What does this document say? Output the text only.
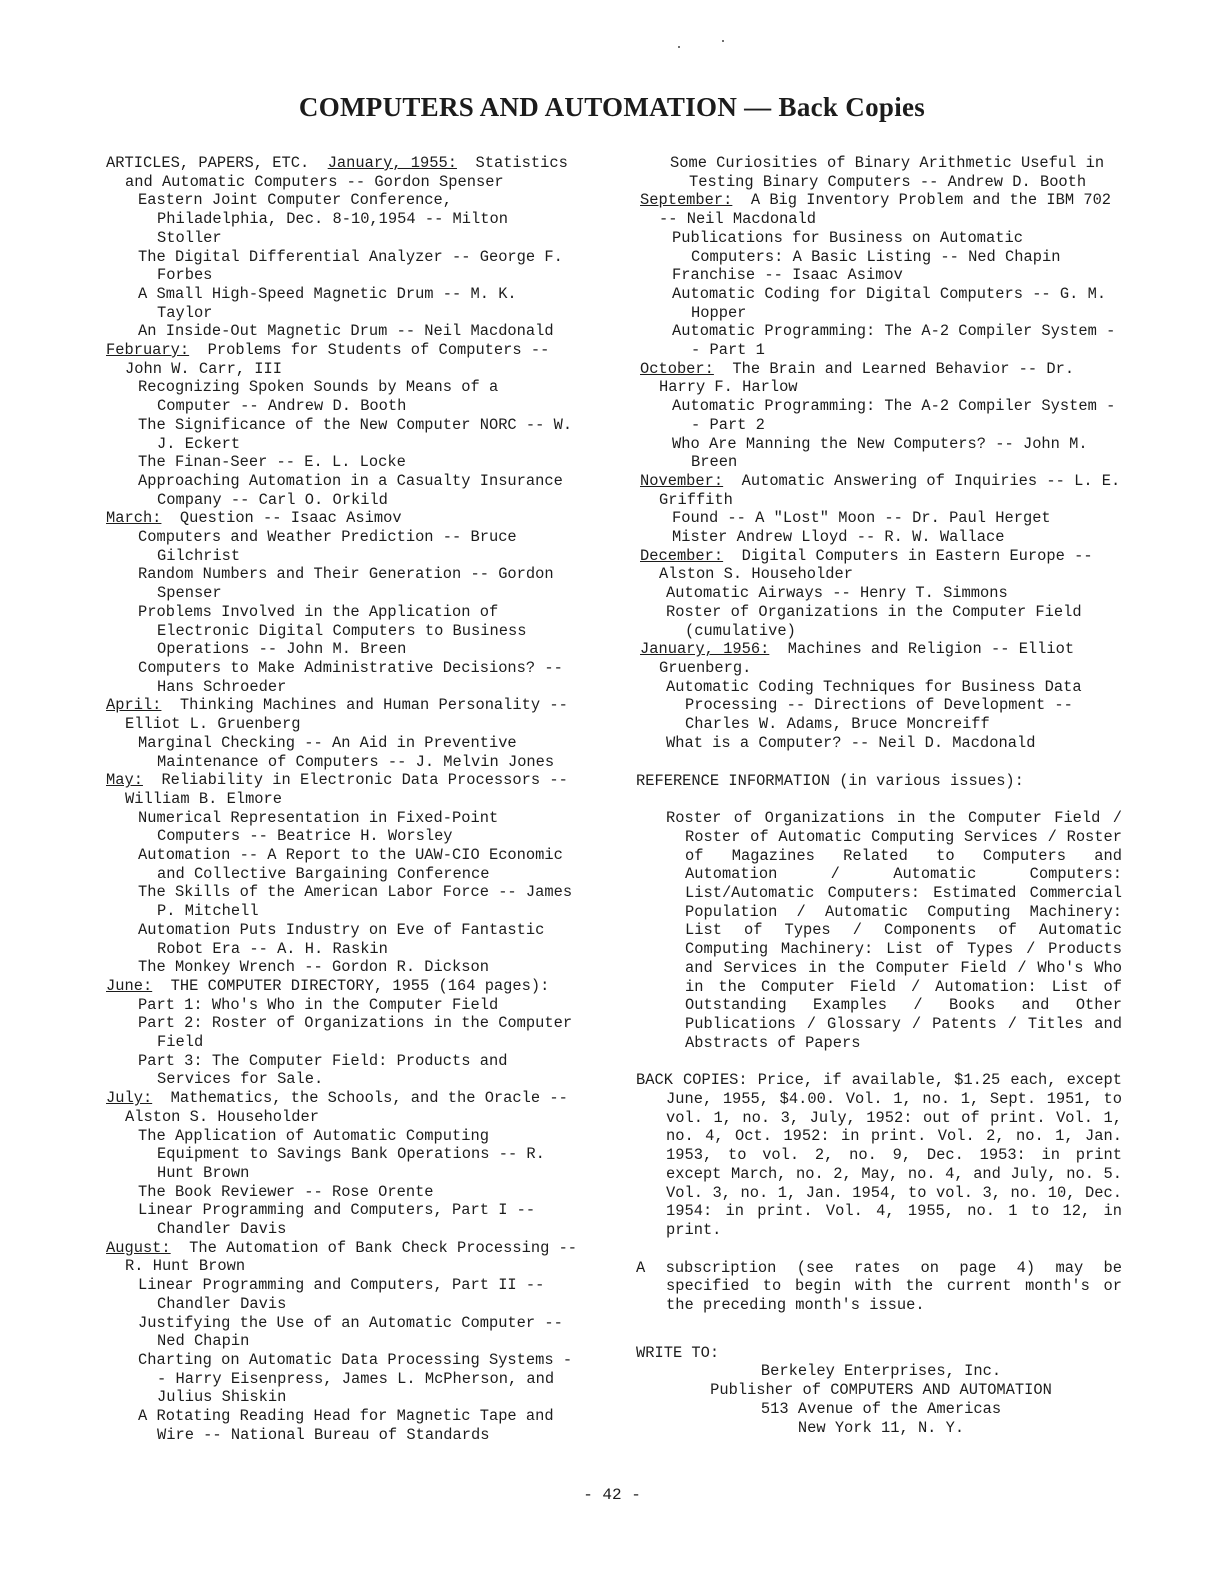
COMPUTERS AND AUTOMATION — Back Copies

ARTICLES, PAPERS, ETC. January, 1955: Statistics and Automatic Computers -- Gordon Spenser

Eastern Joint Computer Conference, Philadelphia, Dec. 8-10,1954 -- Milton Stoller

The Digital Differential Analyzer -- George F. Forbes

A Small High-Speed Magnetic Drum -- M. K. Taylor

An Inside-Out Magnetic Drum -- Neil Macdonald

February: Problems for Students of Computers -- John W. Carr, III

Recognizing Spoken Sounds by Means of a Computer -- Andrew D. Booth

The Significance of the New Computer NORC -- W. J. Eckert

The Finan-Seer -- E. L. Locke

Approaching Automation in a Casualty Insurance Company -- Carl O. Orkild

March: Question -- Isaac Asimov

Computers and Weather Prediction -- Bruce Gilchrist

Random Numbers and Their Generation -- Gordon Spenser

Problems Involved in the Application of Electronic Digital Computers to Business Operations -- John M. Breen

Computers to Make Administrative Decisions? -- Hans Schroeder

April: Thinking Machines and Human Personality -- Elliot L. Gruenberg

Marginal Checking -- An Aid in Preventive Maintenance of Computers -- J. Melvin Jones

May: Reliability in Electronic Data Processors -- William B. Elmore

Numerical Representation in Fixed-Point Computers -- Beatrice H. Worsley

Automation -- A Report to the UAW-CIO Economic and Collective Bargaining Conference

The Skills of the American Labor Force -- James P. Mitchell

Automation Puts Industry on Eve of Fantastic Robot Era -- A. H. Raskin

The Monkey Wrench -- Gordon R. Dickson

June: THE COMPUTER DIRECTORY, 1955 (164 pages):

Part 1: Who's Who in the Computer Field

Part 2: Roster of Organizations in the Computer Field

Part 3: The Computer Field: Products and Services for Sale.

July: Mathematics, the Schools, and the Oracle -- Alston S. Householder

The Application of Automatic Computing Equipment to Savings Bank Operations -- R. Hunt Brown

The Book Reviewer -- Rose Orente

Linear Programming and Computers, Part I -- Chandler Davis

August: The Automation of Bank Check Processing -- R. Hunt Brown

Linear Programming and Computers, Part II -- Chandler Davis

Justifying the Use of an Automatic Computer -- Ned Chapin

Charting on Automatic Data Processing Systems -- Harry Eisenpress, James L. McPherson, and Julius Shiskin

A Rotating Reading Head for Magnetic Tape and Wire -- National Bureau of Standards

Some Curiosities of Binary Arithmetic Useful in Testing Binary Computers -- Andrew D. Booth

September: A Big Inventory Problem and the IBM 702 -- Neil Macdonald

Publications for Business on Automatic Computers: A Basic Listing -- Ned Chapin

Franchise -- Isaac Asimov

Automatic Coding for Digital Computers -- G. M. Hopper

Automatic Programming: The A-2 Compiler System -- Part 1

October: The Brain and Learned Behavior -- Dr. Harry F. Harlow

Automatic Programming: The A-2 Compiler System -- Part 2

Who Are Manning the New Computers? -- John M. Breen

November: Automatic Answering of Inquiries -- L. E. Griffith

Found -- A "Lost" Moon -- Dr. Paul Herget

Mister Andrew Lloyd -- R. W. Wallace

December: Digital Computers in Eastern Europe -- Alston S. Householder

Automatic Airways -- Henry T. Simmons

Roster of Organizations in the Computer Field (cumulative)

January, 1956: Machines and Religion -- Elliot Gruenberg.

Automatic Coding Techniques for Business Data Processing -- Directions of Development -- Charles W. Adams, Bruce Moncreiff

What is a Computer? -- Neil D. Macdonald

REFERENCE INFORMATION (in various issues):

Roster of Organizations in the Computer Field / Roster of Automatic Computing Services / Roster of Magazines Related to Computers and Automation / Automatic Computers: List/Automatic Computers: Estimated Commercial Population / Automatic Computing Machinery: List of Types / Components of Automatic Computing Machinery: List of Types / Products and Services in the Computer Field / Who's Who in the Computer Field / Automation: List of Outstanding Examples / Books and Other Publications / Glossary / Patents / Titles and Abstracts of Papers

BACK COPIES: Price, if available, $1.25 each, except June, 1955, $4.00. Vol. 1, no. 1, Sept. 1951, to vol. 1, no. 3, July, 1952: out of print. Vol. 1, no. 4, Oct. 1952: in print. Vol. 2, no. 1, Jan. 1953, to vol. 2, no. 9, Dec. 1953: in print except March, no. 2, May, no. 4, and July, no. 5. Vol. 3, no. 1, Jan. 1954, to vol. 3, no. 10, Dec. 1954: in print. Vol. 4, 1955, no. 1 to 12, in print.

A subscription (see rates on page 4) may be specified to begin with the current month's or the preceding month's issue.

WRITE TO:

Berkeley Enterprises, Inc.

Publisher of COMPUTERS AND AUTOMATION

513 Avenue of the Americas

New York 11, N. Y.

- 42 -
